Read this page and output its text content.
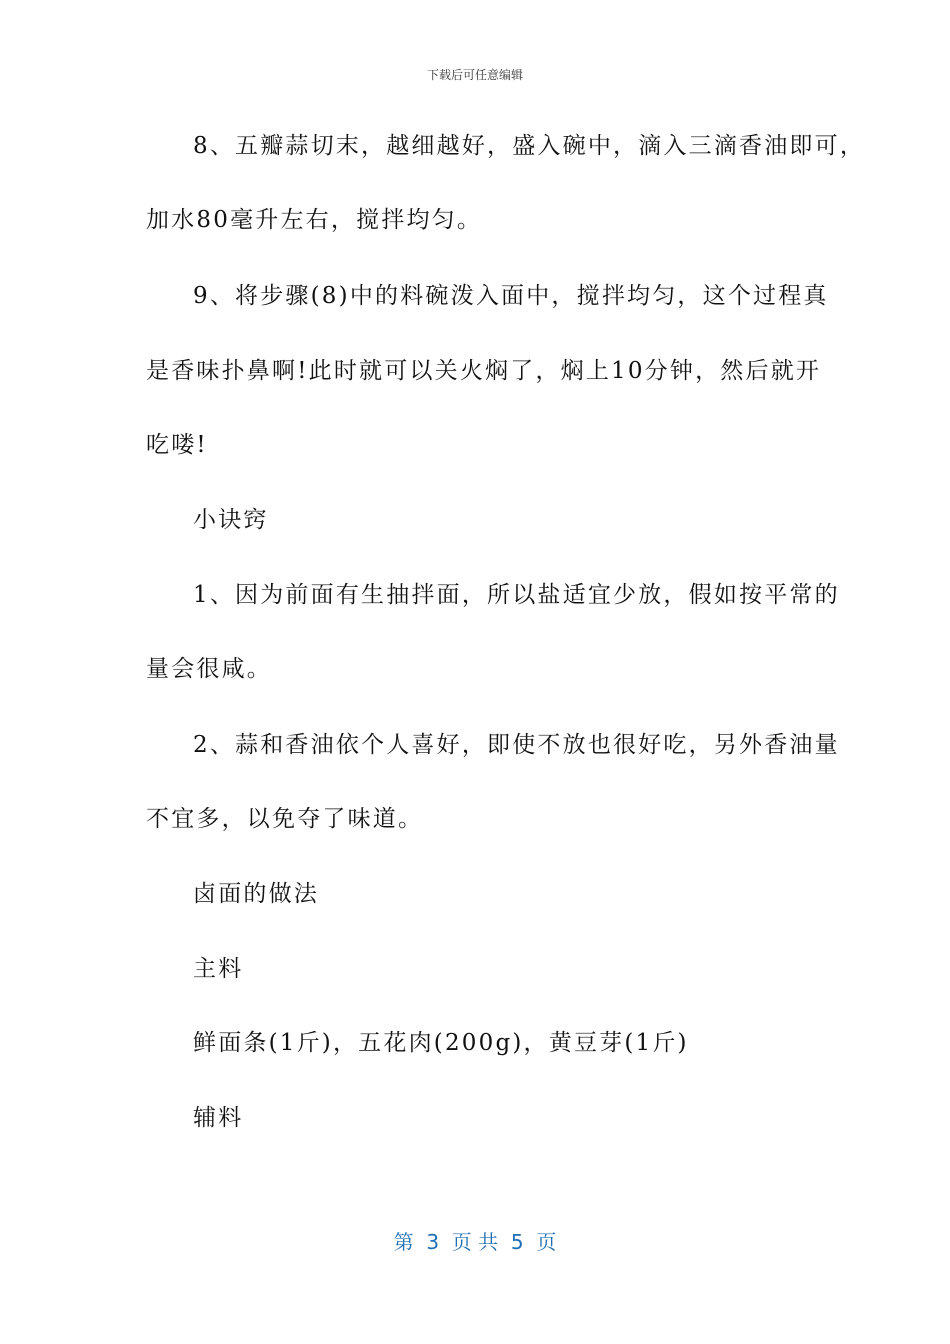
下载后可任意编辑
8、五瓣蒜切末，越细越好，盛入碗中，滴入三滴香油即可，
加水80毫升左右，搅拌均匀。
9、将步骤(8)中的料碗泼入面中，搅拌均匀，这个过程真
是香味扑鼻啊!此时就可以关火焖了，焖上10分钟，然后就开
吃喽!
小诀窍
1、因为前面有生抽拌面，所以盐适宜少放，假如按平常的
量会很咸。
2、蒜和香油依个人喜好，即使不放也很好吃，另外香油量
不宜多，以免夺了味道。
卤面的做法
主料
鲜面条(1斤)，五花肉(200g)，黄豆芽(1斤)
辅料
第  3  页 共  5  页
